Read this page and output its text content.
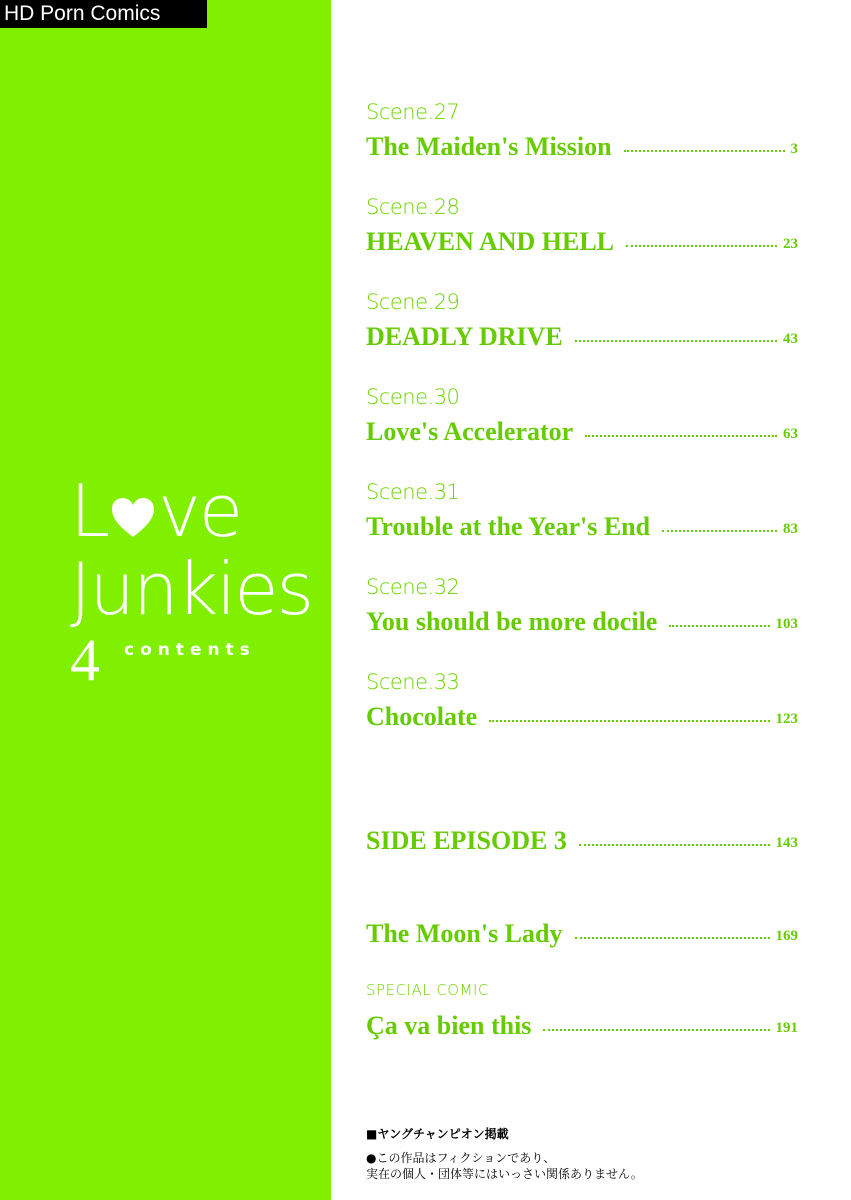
HD Porn Comics
L ve
Junkies
4 contents
Scene.27
The Maiden's Mission	3
Scene.28
HEAVEN AND HELL	23
Scene.29
DEADLY DRIVE	43
Scene.30
Love's Accelerator	63
Scene.31
Trouble at the Year's End	83
Scene.32
You should be more docile	103
Scene.33
Chocolate	123
SIDE EPISODE 3	143
The Moon's Lady	169
SPECIAL COMIC
Ça va bien this	191
■ヤングチャンピオン掲載
●この作品はフィクションであり、
実在の個人・団体等にはいっさい関係ありません。
